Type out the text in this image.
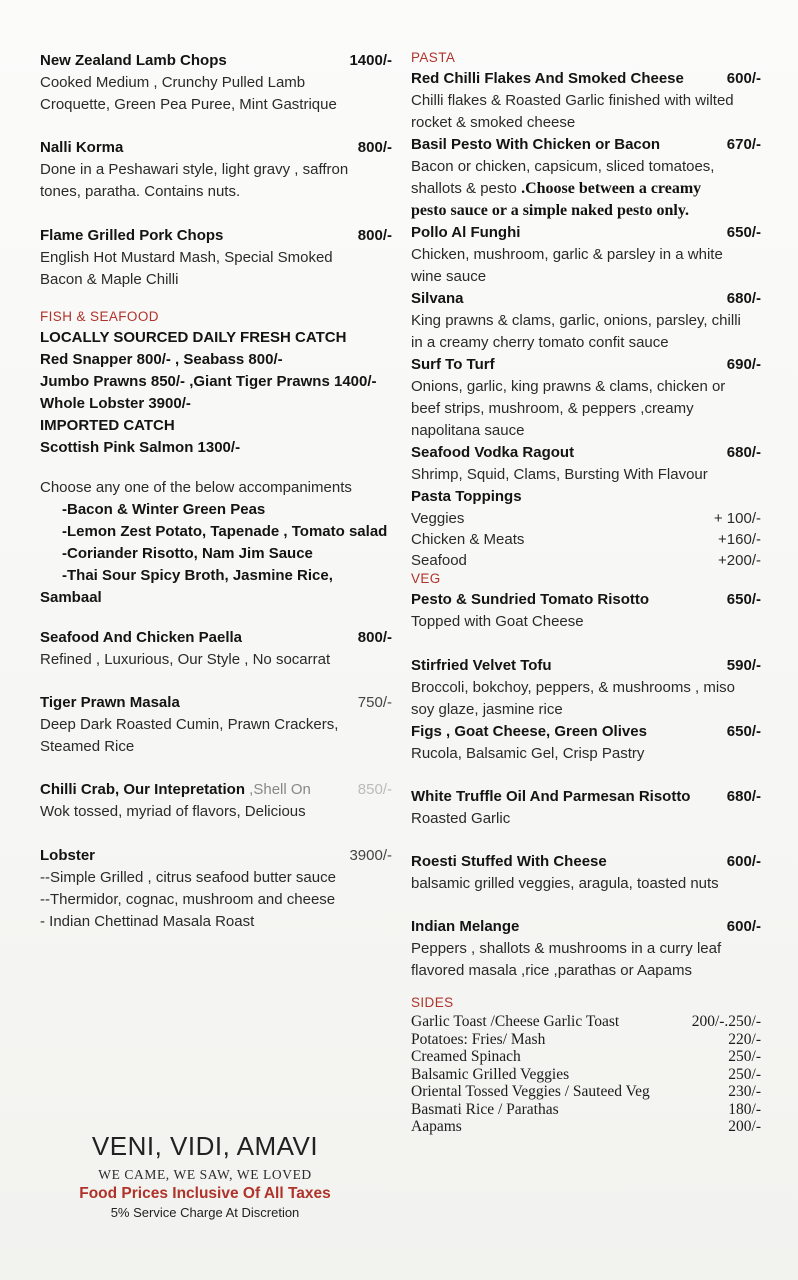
New Zealand Lamb Chops	1400/-
Cooked Medium , Crunchy Pulled Lamb
Croquette, Green Pea Puree, Mint Gastrique
Nalli Korma	800/-
Done in a Peshawari style, light gravy , saffron
tones, paratha. Contains nuts.
Flame Grilled Pork Chops	800/-
English Hot Mustard Mash, Special Smoked
Bacon & Maple Chilli
FISH & SEAFOOD
LOCALLY SOURCED DAILY FRESH CATCH
Red Snapper 800/- , Seabass 800/-
Jumbo Prawns 850/- ,Giant Tiger Prawns 1400/-
Whole Lobster 3900/-
IMPORTED CATCH
Scottish Pink Salmon 1300/-
Choose any one of the below accompaniments
-Bacon & Winter Green Peas
-Lemon Zest Potato, Tapenade , Tomato salad
-Coriander Risotto, Nam Jim Sauce
-Thai Sour Spicy Broth, Jasmine Rice,
Sambaal
Seafood And Chicken Paella	800/-
Refined , Luxurious, Our Style , No socarrat
Tiger Prawn Masala	750/-
Deep Dark Roasted Cumin, Prawn Crackers,
Steamed Rice
Chilli Crab, Our Intepretation ,Shell On	850/-
Wok tossed, myriad of flavors, Delicious
Lobster	3900/-
--Simple Grilled , citrus seafood butter sauce
--Thermidor, cognac, mushroom and cheese
- Indian Chettinad Masala Roast
PASTA
Red Chilli Flakes And Smoked Cheese	600/-
Chilli flakes & Roasted Garlic finished with wilted
rocket & smoked cheese
Basil Pesto With Chicken or Bacon	670/-
Bacon or chicken, capsicum, sliced tomatoes,
shallots & pesto .Choose between a creamy
pesto sauce or a simple naked pesto only.
Pollo Al Funghi	650/-
Chicken, mushroom, garlic & parsley in a white
wine sauce
Silvana	680/-
King prawns & clams, garlic, onions, parsley, chilli
in a creamy cherry tomato confit sauce
Surf To Turf	690/-
Onions, garlic, king prawns & clams, chicken or
beef strips, mushroom, & peppers ,creamy
napolitana sauce
Seafood Vodka Ragout	680/-
Shrimp, Squid, Clams, Bursting With Flavour
Pasta Toppings
Veggies	+ 100/-
Chicken & Meats	+160/-
Seafood	+200/-
VEG
Pesto & Sundried Tomato Risotto	650/-
Topped with Goat Cheese
Stirfried Velvet Tofu	590/-
Broccoli, bokchoy, peppers, & mushrooms , miso
soy glaze, jasmine rice
Figs , Goat Cheese, Green Olives	650/-
Rucola, Balsamic Gel, Crisp Pastry
White Truffle Oil And Parmesan Risotto	680/-
Roasted Garlic
Roesti Stuffed With Cheese	600/-
balsamic grilled veggies, aragula, toasted nuts
Indian Melange	600/-
Peppers , shallots & mushrooms in a curry leaf
flavored masala ,rice ,parathas or Aapams
SIDES
Garlic Toast /Cheese Garlic Toast	200/-.250/-
Potatoes: Fries/ Mash	220/-
Creamed Spinach	250/-
Balsamic Grilled Veggies	250/-
Oriental Tossed Veggies / Sauteed Veg	230/-
Basmati Rice / Parathas	180/-
Aapams	200/-
VENI, VIDI, AMAVI
WE CAME, WE SAW, WE LOVED
Food Prices Inclusive Of All Taxes
5% Service Charge At Discretion
